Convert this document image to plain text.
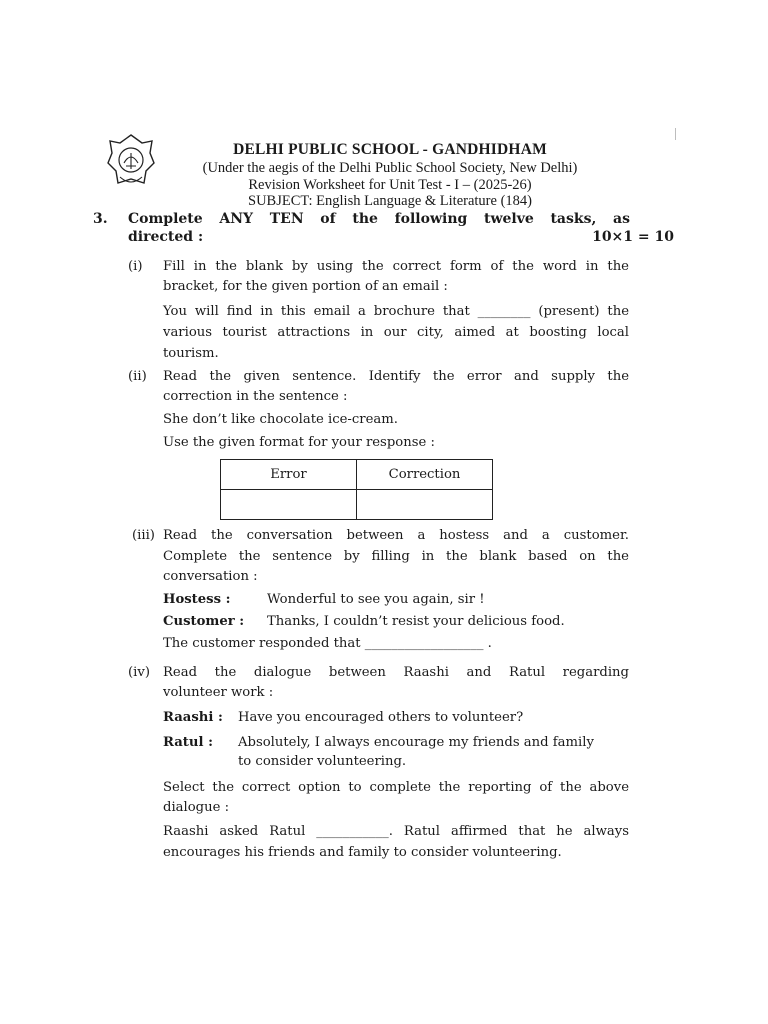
DELHI PUBLIC SCHOOL - GANDHIDHAM
(Under the aegis of the Delhi Public School Society, New Delhi)
Revision Worksheet for Unit Test - I – (2025-26)
SUBJECT: English Language & Literature (184)
3. Complete ANY TEN of the following twelve tasks, as
directed :	10×1 = 10
(i)	Fill in the blank by using the correct form of the word in the
bracket, for the given portion of an email :
You will find in this email a brochure that ________ (present) the
various tourist attractions in our city, aimed at boosting local
tourism.
(ii)	Read the given sentence. Identify the error and supply the
correction in the sentence :
She don’t like chocolate ice-cream.
Use the given format for your response :
Error	Correction

(iii) Read the conversation between a hostess and a customer.
Complete the sentence by filling in the blank based on the
conversation :
Hostess :	Wonderful to see you again, sir !
Customer : Thanks, I couldn’t resist your delicious food.
The customer responded that __________________ .
(iv) Read the dialogue between Raashi and Ratul regarding
volunteer work :
Raashi : Have you encouraged others to volunteer?
Ratul : Absolutely, I always encourage my friends and family
to consider volunteering.
Select the correct option to complete the reporting of the above
dialogue :
Raashi asked Ratul ___________. Ratul affirmed that he always
encourages his friends and family to consider volunteering.
